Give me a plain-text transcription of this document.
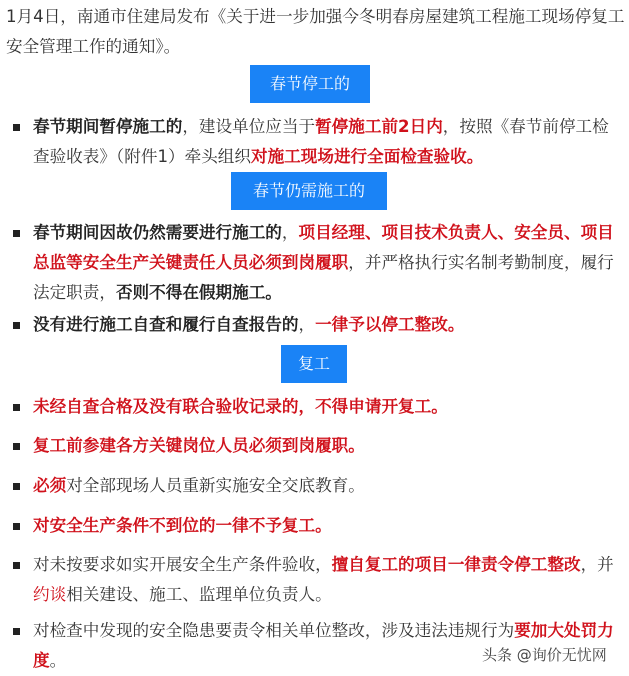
1月4日，南通市住建局发布《关于进一步加强今冬明春房屋建筑工程施工现场停复工安全管理工作的通知》。
春节停工的
春节仍需施工的
复工
春节期间暂停施工的，建设单位应当于暂停施工前2日内，按照《春节前停工检查验收表》（附件1）牵头组织对施工现场进行全面检查验收。
春节期间因故仍然需要进行施工的，项目经理、项目技术负责人、安全员、项目总监等安全生产关键责任人员必须到岗履职，并严格执行实名制考勤制度，履行法定职责，否则不得在假期施工。
没有进行施工自查和履行自查报告的，一律予以停工整改。
未经自查合格及没有联合验收记录的，不得申请开复工。
复工前参建各方关键岗位人员必须到岗履职。
必须对全部现场人员重新实施安全交底教育。
对安全生产条件不到位的一律不予复工。
对未按要求如实开展安全生产条件验收，擅自复工的项目一律责令停工整改，并约谈相关建设、施工、监理单位负责人。
对检查中发现的安全隐患要责令相关单位整改，涉及违法违规行为要加大处罚力度。	头条 @询价无忧网
